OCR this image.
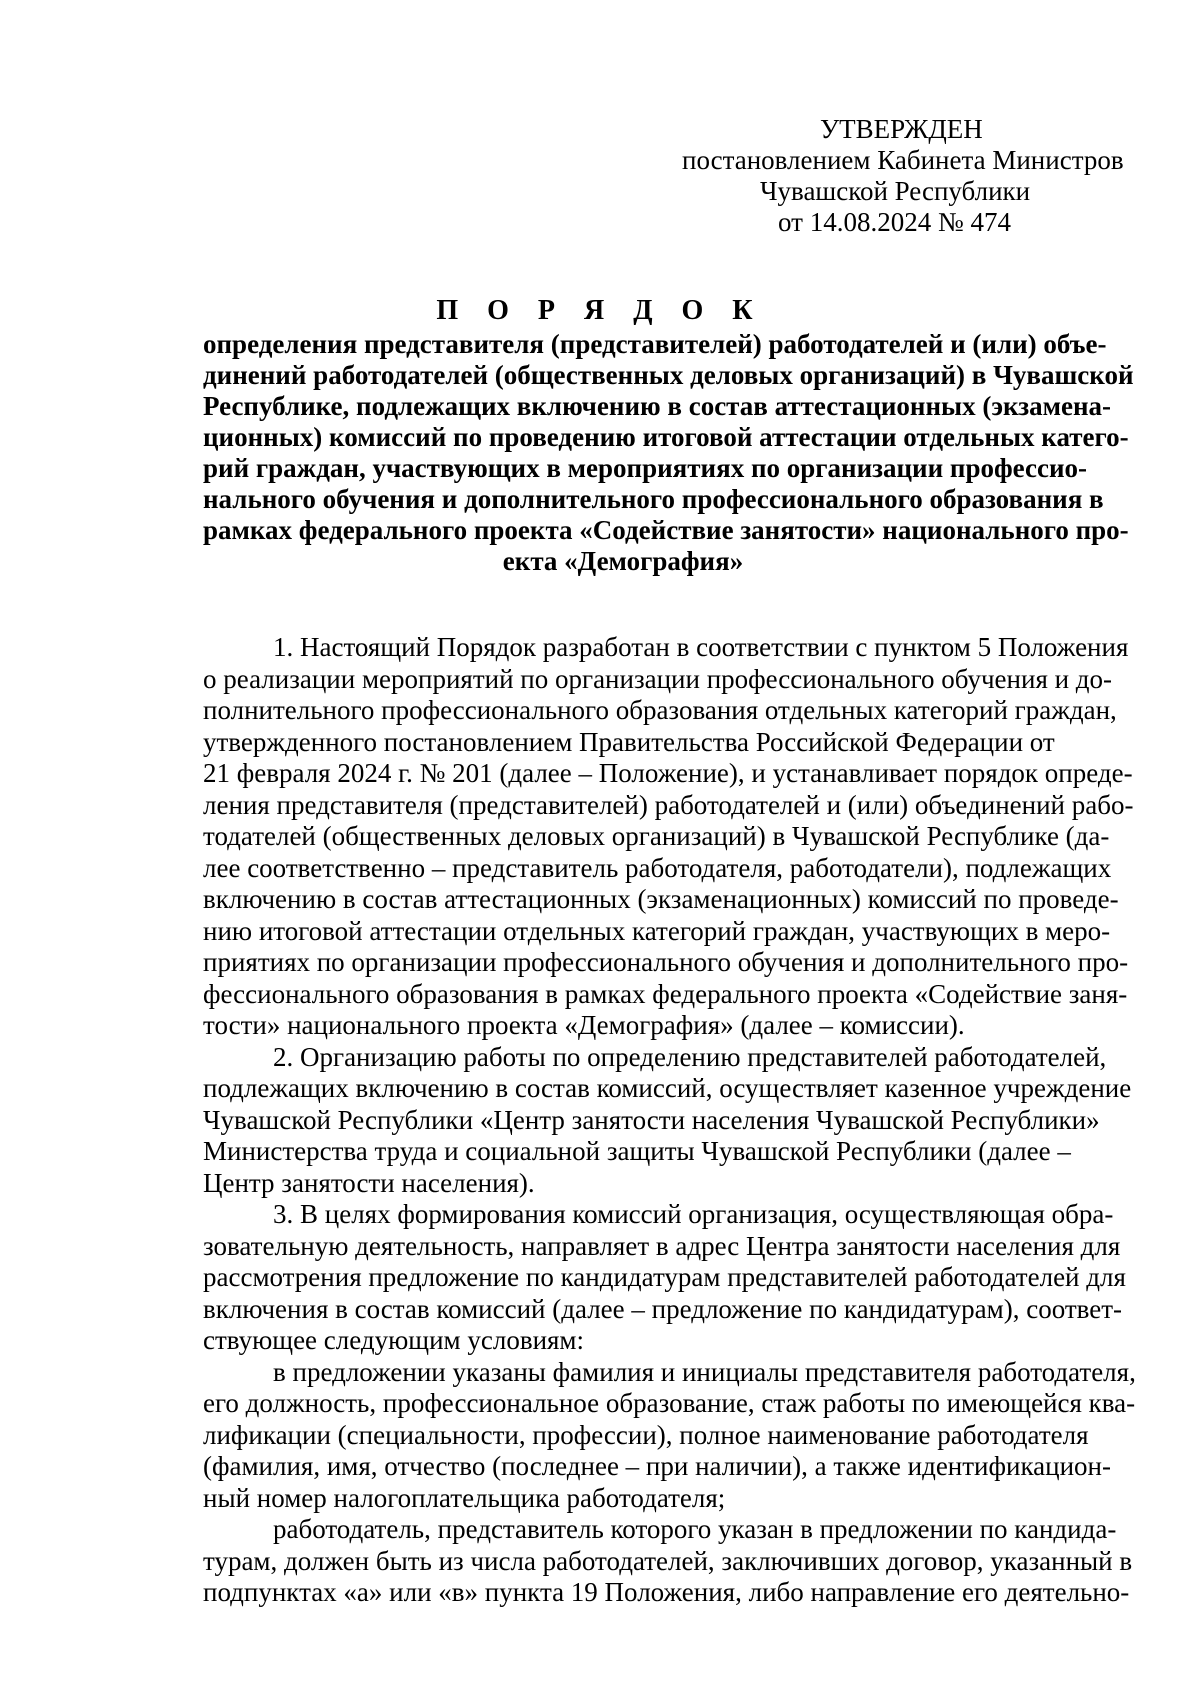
УТВЕРЖДЕН
постановлением Кабинета Министров
Чувашской Республики
от 14.08.2024 № 474
П О Р Я Д О К
определения представителя (представителей) работодателей и (или) объе-
динений работодателей (общественных деловых организаций) в Чувашской
Республике, подлежащих включению в состав аттестационных (экзамена-
ционных) комиссий по проведению итоговой аттестации отдельных катего-
рий граждан, участвующих в мероприятиях по организации профессио-
нального обучения и дополнительного профессионального образования в
рамках федерального проекта «Содействие занятости» национального про-
екта «Демография»
1. Настоящий Порядок разработан в соответствии с пунктом 5 Положения
о реализации мероприятий по организации профессионального обучения и до-
полнительного профессионального образования отдельных категорий граждан,
утвержденного постановлением Правительства Российской Федерации от
21 февраля 2024 г. № 201 (далее – Положение), и устанавливает порядок опреде-
ления представителя (представителей) работодателей и (или) объединений рабо-
тодателей (общественных деловых организаций) в Чувашской Республике (да-
лее соответственно – представитель работодателя, работодатели), подлежащих
включению в состав аттестационных (экзаменационных) комиссий по проведе-
нию итоговой аттестации отдельных категорий граждан, участвующих в меро-
приятиях по организации профессионального обучения и дополнительного про-
фессионального образования в рамках федерального проекта «Содействие заня-
тости» национального проекта «Демография» (далее – комиссии).
2. Организацию работы по определению представителей работодателей,
подлежащих включению в состав комиссий, осуществляет казенное учреждение
Чувашской Республики «Центр занятости населения Чувашской Республики»
Министерства труда и социальной защиты Чувашской Республики (далее –
Центр занятости населения).
3. В целях формирования комиссий организация, осуществляющая обра-
зовательную деятельность, направляет в адрес Центра занятости населения для
рассмотрения предложение по кандидатурам представителей работодателей для
включения в состав комиссий (далее – предложение по кандидатурам), соответ-
ствующее следующим условиям:
в предложении указаны фамилия и инициалы представителя работодателя,
его должность, профессиональное образование, стаж работы по имеющейся ква-
лификации (специальности, профессии), полное наименование работодателя
(фамилия, имя, отчество (последнее – при наличии), а также идентификацион-
ный номер налогоплательщика работодателя;
работодатель, представитель которого указан в предложении по кандида-
турам, должен быть из числа работодателей, заключивших договор, указанный в
подпунктах «а» или «в» пункта 19 Положения, либо направление его деятельно-
